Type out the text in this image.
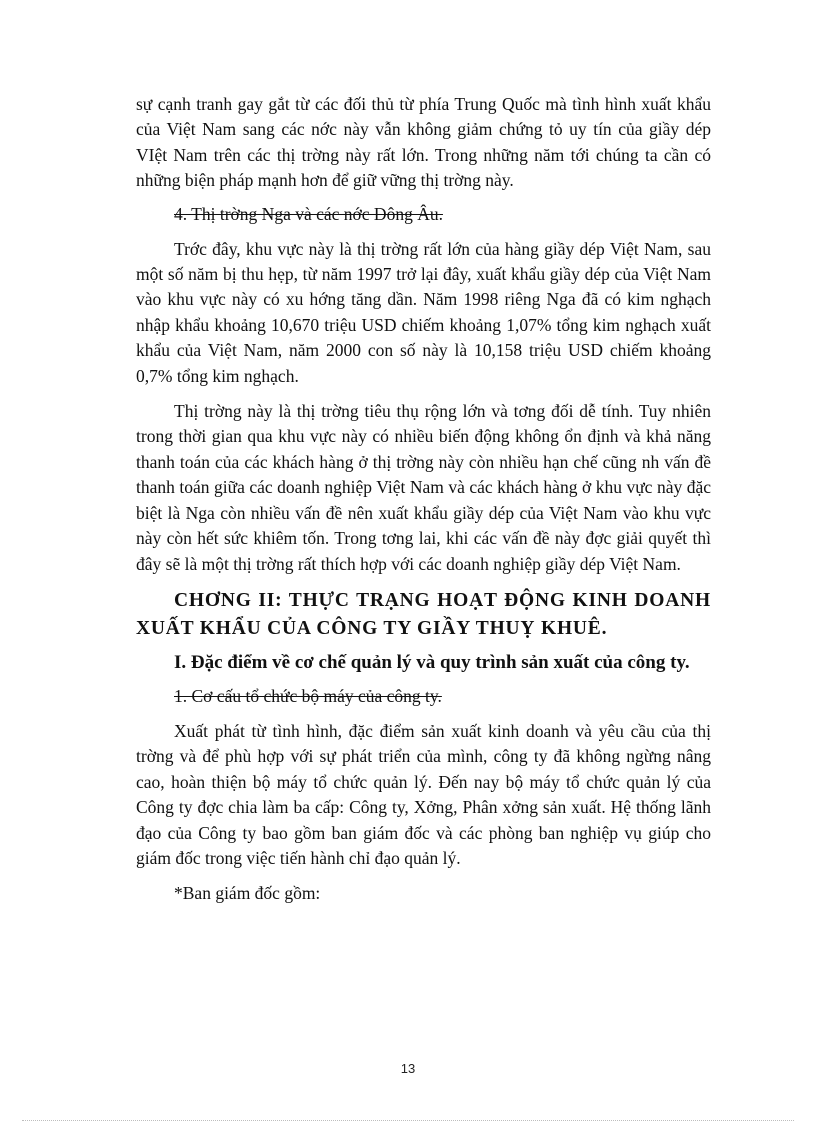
sự cạnh tranh gay gắt từ các đối thủ từ phía Trung Quốc mà tình hình xuất khẩu của Việt Nam sang các nớc này vẫn không giảm chứng tỏ uy tín của giầy dép VIệt Nam trên các thị trờng này rất lớn. Trong những năm tới chúng ta cần có những biện pháp mạnh hơn để giữ vững thị trờng này.

4. Thị trờng Nga và các nớc Đông Âu.

Trớc đây, khu vực này là thị trờng rất lớn của hàng giầy dép Việt Nam, sau một số năm bị thu hẹp, từ năm 1997 trở lại đây, xuất khẩu giầy dép của Việt Nam vào khu vực này có xu hớng tăng dần. Năm 1998 riêng Nga đã có kim nghạch nhập khẩu khoảng 10,670 triệu USD chiếm khoảng 1,07% tổng kim nghạch xuất khẩu của Việt Nam, năm 2000 con số này là 10,158 triệu USD chiếm khoảng 0,7% tổng kim nghạch.

Thị trờng này là thị trờng tiêu thụ rộng lớn và tơng đối dễ tính. Tuy nhiên trong thời gian qua khu vực này có nhiều biến động không ổn định và khả năng thanh toán của các khách hàng ở thị trờng này còn nhiều hạn chế cũng nh vấn đề thanh toán giữa các doanh nghiệp Việt Nam và các khách hàng ở khu vực này đặc biệt là Nga còn nhiều vấn đề nên xuất khẩu giầy dép của Việt Nam vào khu vực này còn hết sức khiêm tốn. Trong tơng lai, khi các vấn đề này đợc giải quyết thì đây sẽ là một thị trờng rất thích hợp với các doanh nghiệp giầy dép Việt Nam.

CHƠNG II: THỰC TRẠNG HOẠT ĐỘNG KINH DOANH XUẤT KHẨU CỦA CÔNG TY GIẦY THUỴ KHUÊ.
I. Đặc điểm về cơ chế quản lý và quy trình sản xuất của công ty.
1. Cơ cấu tổ chức bộ máy của công ty.

Xuất phát từ tình hình, đặc điểm sản xuất kinh doanh và yêu cầu của thị trờng và để phù hợp với sự phát triển của mình, công ty đã không ngừng nâng cao, hoàn thiện bộ máy tổ chức quản lý. Đến nay bộ máy tổ chức quản lý của Công ty đợc chia làm ba cấp: Công ty, Xởng, Phân xởng sản xuất. Hệ thống lãnh đạo của Công ty bao gồm ban giám đốc và các phòng ban nghiệp vụ giúp cho giám đốc trong việc tiến hành chỉ đạo quản lý.

*Ban giám đốc gồm:

13
